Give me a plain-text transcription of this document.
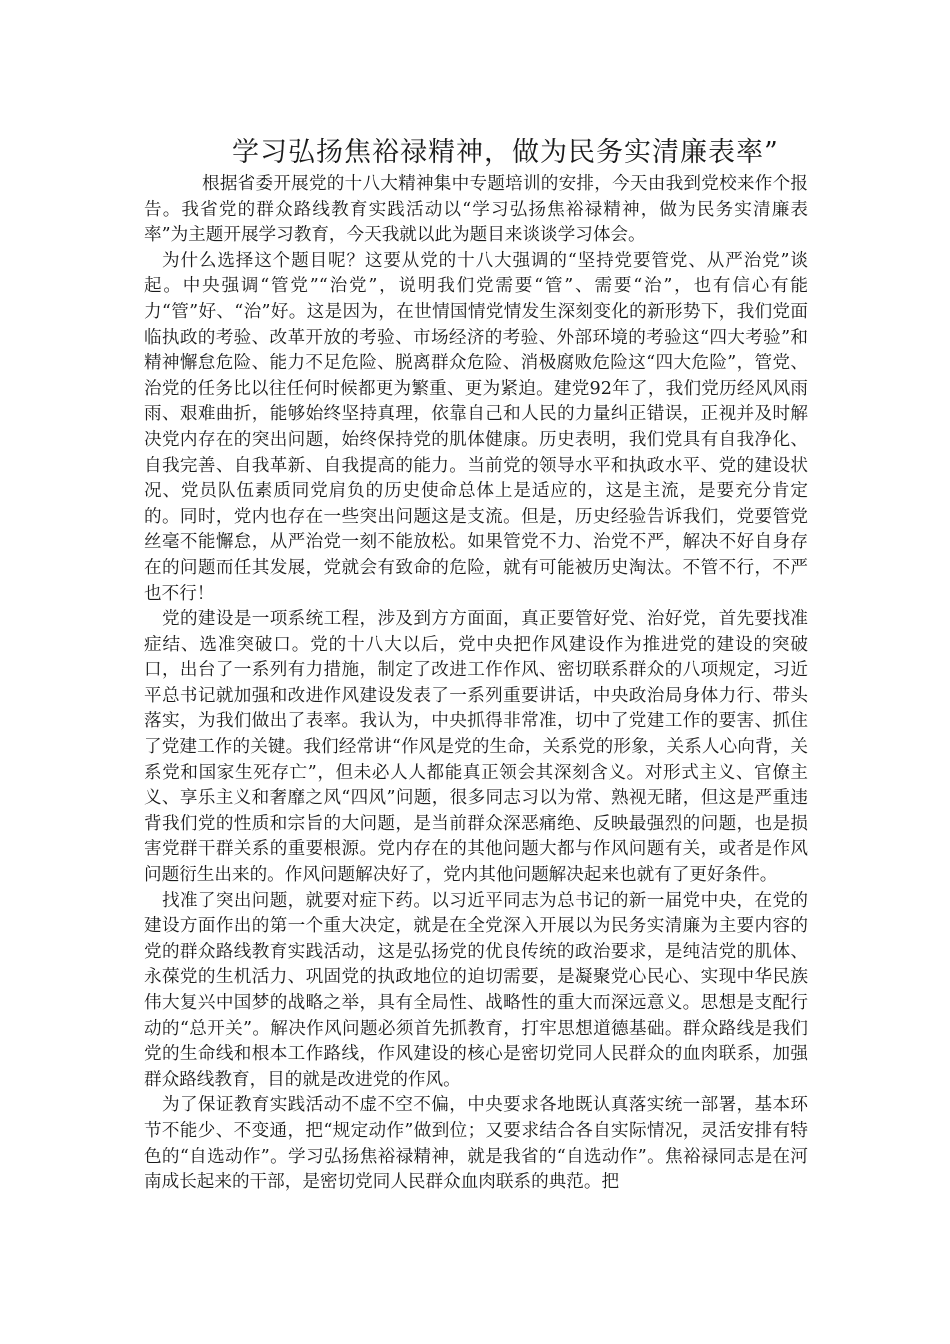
学习弘扬焦裕禄精神，做为民务实清廉表率”

根据省委开展党的十八大精神集中专题培训的安排，今天由我到党校来作个报告。我省党的群众路线教育实践活动以“学习弘扬焦裕禄精神，做为民务实清廉表率”为主题开展学习教育，今天我就以此为题目来谈谈学习体会。

为什么选择这个题目呢？这要从党的十八大强调的“坚持党要管党、从严治党”谈起。中央强调“管党”“治党”，说明我们党需要“管”、需要“治”，也有信心有能力“管”好、“治”好。这是因为，在世情国情党情发生深刻变化的新形势下，我们党面临执政的考验、改革开放的考验、市场经济的考验、外部环境的考验这“四大考验”和精神懈怠危险、能力不足危险、脱离群众危险、消极腐败危险这“四大危险”，管党、治党的任务比以往任何时候都更为繁重、更为紧迫。建党92年了，我们党历经风风雨雨、艰难曲折，能够始终坚持真理，依靠自己和人民的力量纠正错误，正视并及时解决党内存在的突出问题，始终保持党的肌体健康。历史表明，我们党具有自我净化、自我完善、自我革新、自我提高的能力。当前党的领导水平和执政水平、党的建设状况、党员队伍素质同党肩负的历史使命总体上是适应的，这是主流，是要充分肯定的。同时，党内也存在一些突出问题这是支流。但是，历史经验告诉我们，党要管党丝毫不能懈怠，从严治党一刻不能放松。如果管党不力、治党不严，解决不好自身存在的问题而任其发展，党就会有致命的危险，就有可能被历史淘汰。不管不行，不严也不行！

党的建设是一项系统工程，涉及到方方面面，真正要管好党、治好党，首先要找准症结、选准突破口。党的十八大以后，党中央把作风建设作为推进党的建设的突破口，出台了一系列有力措施，制定了改进工作作风、密切联系群众的八项规定，习近平总书记就加强和改进作风建设发表了一系列重要讲话，中央政治局身体力行、带头落实，为我们做出了表率。我认为，中央抓得非常准，切中了党建工作的要害、抓住了党建工作的关键。我们经常讲“作风是党的生命，关系党的形象，关系人心向背，关系党和国家生死存亡”，但未必人人都能真正领会其深刻含义。对形式主义、官僚主义、享乐主义和奢靡之风“四风”问题，很多同志习以为常、熟视无睹，但这是严重违背我们党的性质和宗旨的大问题，是当前群众深恶痛绝、反映最强烈的问题，也是损害党群干群关系的重要根源。党内存在的其他问题大都与作风问题有关，或者是作风问题衍生出来的。作风问题解决好了，党内其他问题解决起来也就有了更好条件。

找准了突出问题，就要对症下药。以习近平同志为总书记的新一届党中央，在党的建设方面作出的第一个重大决定，就是在全党深入开展以为民务实清廉为主要内容的党的群众路线教育实践活动，这是弘扬党的优良传统的政治要求，是纯洁党的肌体、永葆党的生机活力、巩固党的执政地位的迫切需要，是凝聚党心民心、实现中华民族伟大复兴中国梦的战略之举，具有全局性、战略性的重大而深远意义。思想是支配行动的“总开关”。解决作风问题必须首先抓教育，打牢思想道德基础。群众路线是我们党的生命线和根本工作路线，作风建设的核心是密切党同人民群众的血肉联系，加强群众路线教育，目的就是改进党的作风。

为了保证教育实践活动不虚不空不偏，中央要求各地既认真落实统一部署，基本环节不能少、不变通，把“规定动作”做到位；又要求结合各自实际情况，灵活安排有特色的“自选动作”。学习弘扬焦裕禄精神，就是我省的“自选动作”。焦裕禄同志是在河南成长起来的干部，是密切党同人民群众血肉联系的典范。把
